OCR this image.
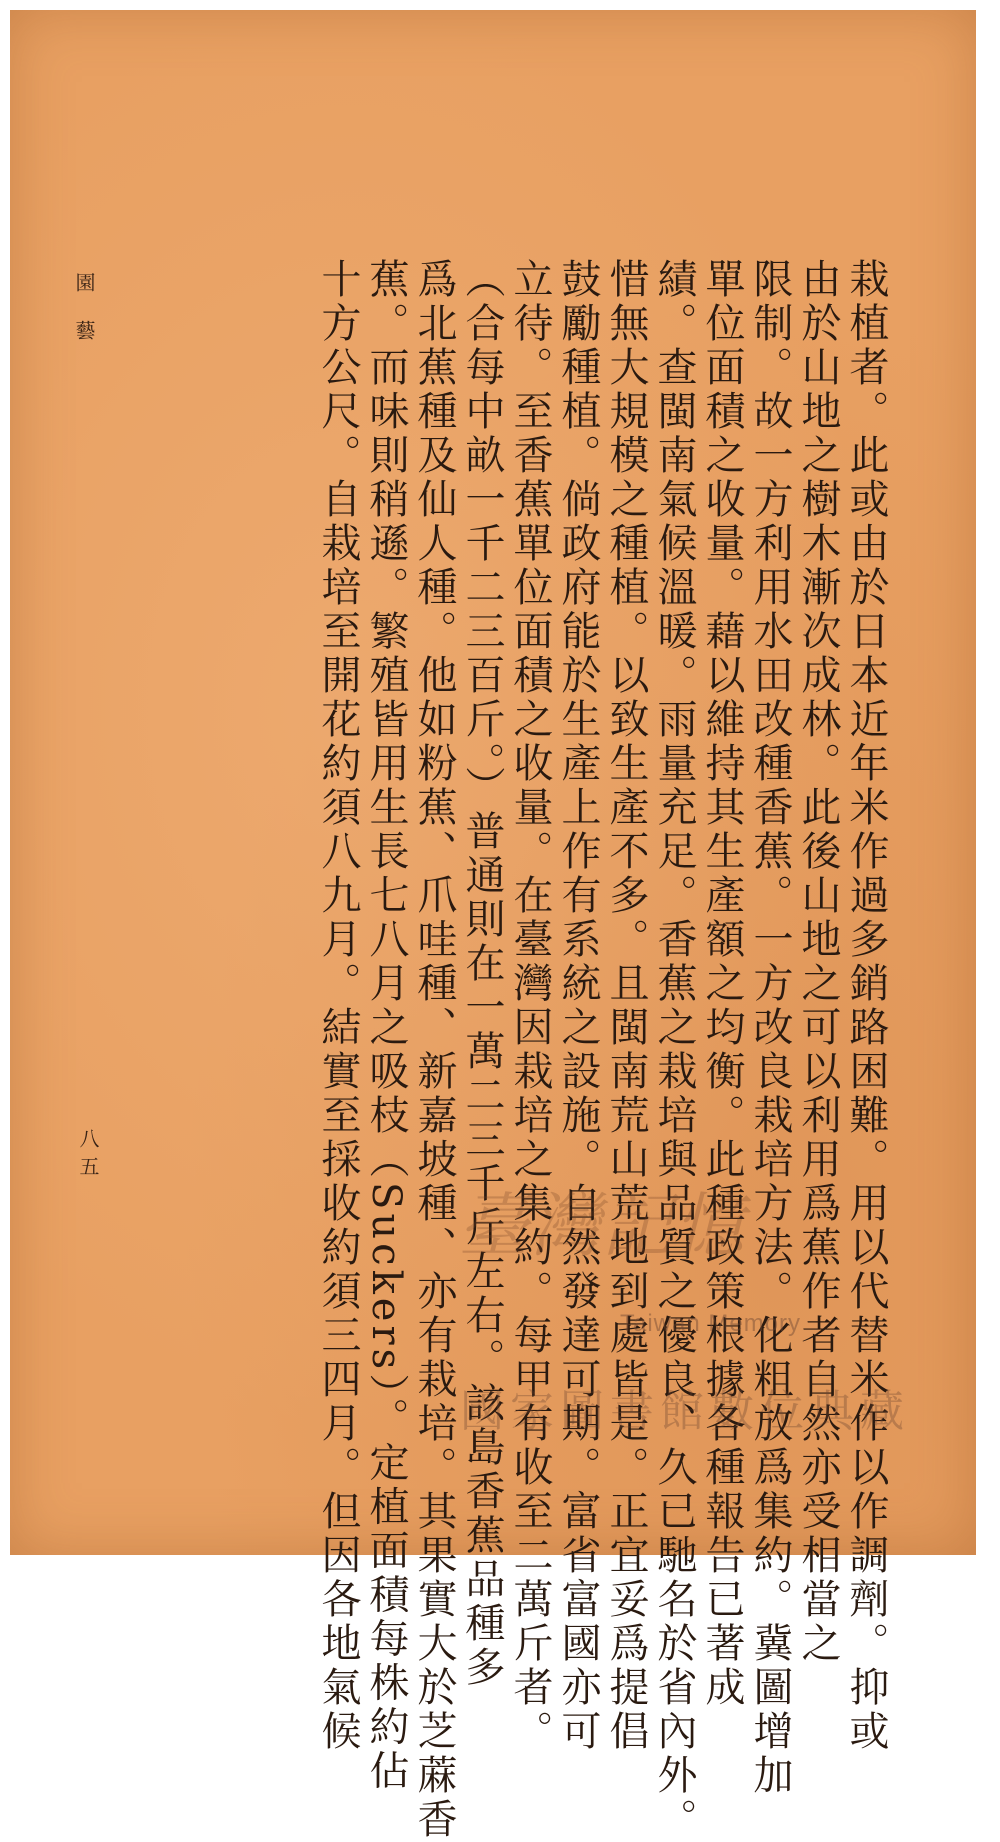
園藝
八五	栽植者。此或由於日本近年米作過多銷路困難。用以代替米作以作調劑。抑或
由於山地之樹木漸次成林。此後山地之可以利用爲蕉作者自然亦受相當之
限制。故一方利用水田改種香蕉。一方改良栽培方法。化粗放爲集約。冀圖增加
單位面積之收量。藉以維持其生產額之均衡。此種政策根據各種報告已著成
績。查閩南氣候溫暖。雨量充足。香蕉之栽培與品質之優良、久已馳名於省內外。
惜無大規模之種植。以致生產不多。且閩南荒山荒地到處皆是。正宜妥爲提倡
鼓勵種植。倘政府能於生產上作有系統之設施。自然發達可期。富省富國亦可
立待。至香蕉單位面積之收量。在臺灣因栽培之集約。每甲有收至二萬斤者。
（合每中畝一千二三百斤。）普通則在一萬二三千斤左右。該島香蕉品種多
爲北蕉種及仙人種。他如粉蕉、爪哇種、新嘉坡種、亦有栽培。其果實大於芝蔴香
蕉。而味則稍遜。繁殖皆用生長七八月之吸枝（Suckers）。定植面積每株約佔
十方公尺。自栽培至開花約須八九月。結實至採收約須三四月。但因各地氣候 臺灣記憶
Taiwan Memory
國家圖書館數位典藏
